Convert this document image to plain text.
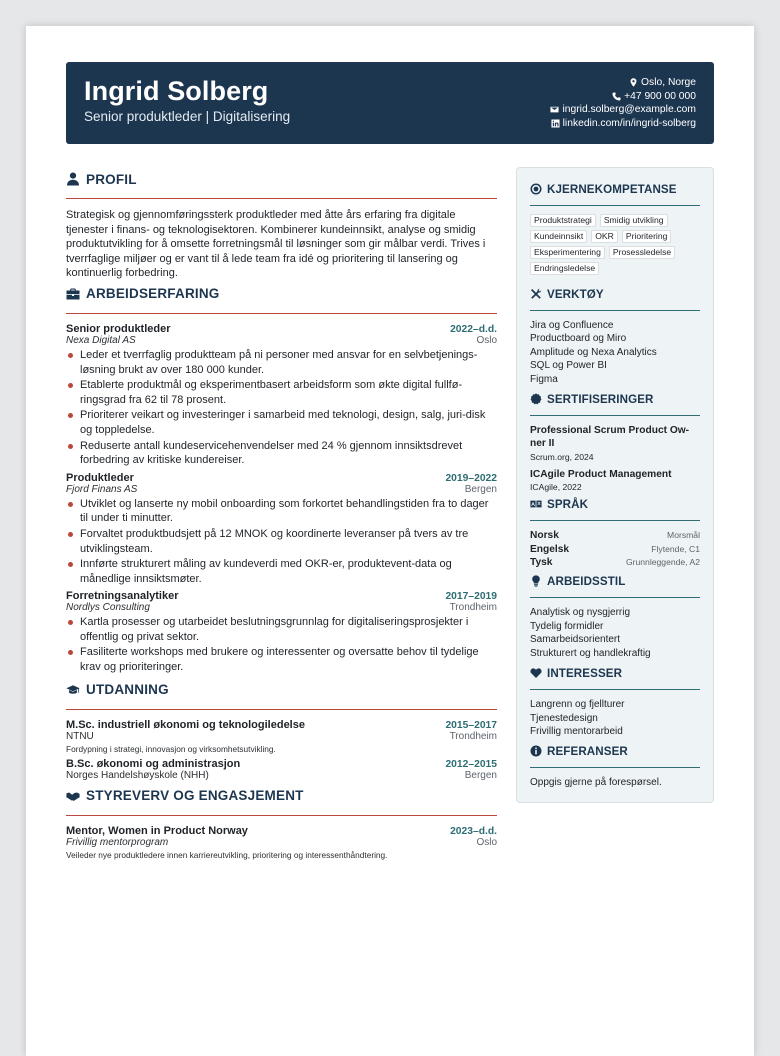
Ingrid Solberg
Senior produktleder | Digitalisering
Oslo, Norge
+47 900 00 000
ingrid.solberg@example.com
linkedin.com/in/ingrid-solberg
PROFIL
Strategisk og gjennomføringssterk produktleder med åtte års erfaring fra digitale tjenester i finans- og teknologisektoren. Kombinerer kundeinnsikt, analyse og smidig produktutvikling for å omsette forretningsmål til løsninger som gir målbar verdi. Trives i tverrfaglige miljøer og er vant til å lede team fra idé og prioritering til lansering og kontinuerlig forbedring.
ARBEIDSERFARING
Senior produktleder	2022–d.d.
Nexa Digital AS	Oslo
Leder et tverrfaglig produktteam på ni personer med ansvar for en selvbetjenings-løsning brukt av over 180 000 kunder.
Etablerte produktmål og eksperimentbasert arbeidsform som økte digital fullfø-ringsgrad fra 62 til 78 prosent.
Prioriterer veikart og investeringer i samarbeid med teknologi, design, salg, juri-disk og toppledelse.
Reduserte antall kundeservicehenvendelser med 24 % gjennom innsiktsdrevet forbedring av kritiske kundereiser.
Produktleder	2019–2022
Fjord Finans AS	Bergen
Utviklet og lanserte ny mobil onboarding som forkortet behandlingstiden fra to dager til under ti minutter.
Forvaltet produktbudsjett på 12 MNOK og koordinerte leveranser på tvers av tre utviklingsteam.
Innførte strukturert måling av kundeverdi med OKR-er, produktevent-data og månedlige innsiktsmøter.
Forretningsanalytiker	2017–2019
Nordlys Consulting	Trondheim
Kartla prosesser og utarbeidet beslutningsgrunnlag for digitaliseringsprosjekter i offentlig og privat sektor.
Fasiliterte workshops med brukere og interessenter og oversatte behov til tydelige krav og prioriteringer.
UTDANNING
M.Sc. industriell økonomi og teknologiledelse	2015–2017
NTNU	Trondheim
Fordypning i strategi, innovasjon og virksomhetsutvikling.
B.Sc. økonomi og administrasjon	2012–2015
Norges Handelshøyskole (NHH)	Bergen
STYREVERV OG ENGASJEMENT
Mentor, Women in Product Norway	2023–d.d.
Frivillig mentorprogram	Oslo
Veileder nye produktledere innen karriereutvikling, prioritering og interessenthåndtering.
KJERNEKOMPETANSE
Produktstrategi	Smidig utvikling
Kundeinnsikt	OKR	Prioritering
Eksperimentering	Prosessledelse
Endringsledelse
VERKTØY
Jira og Confluence
Productboard og Miro
Amplitude og Nexa Analytics
SQL og Power BI
Figma
SERTIFISERINGER
Professional Scrum Product Ow-ner II
Scrum.org, 2024
ICAgile Product Management
ICAgile, 2022
SPRÅK
Norsk	Morsmål
Engelsk	Flytende, C1
Tysk	Grunnleggende, A2
ARBEIDSSTIL
Analytisk og nysgjerrig
Tydelig formidler
Samarbeidsorientert
Strukturert og handlekraftig
INTERESSER
Langrenn og fjellturer
Tjenestedesign
Frivillig mentorarbeid
REFERANSER
Oppgis gjerne på forespørsel.
